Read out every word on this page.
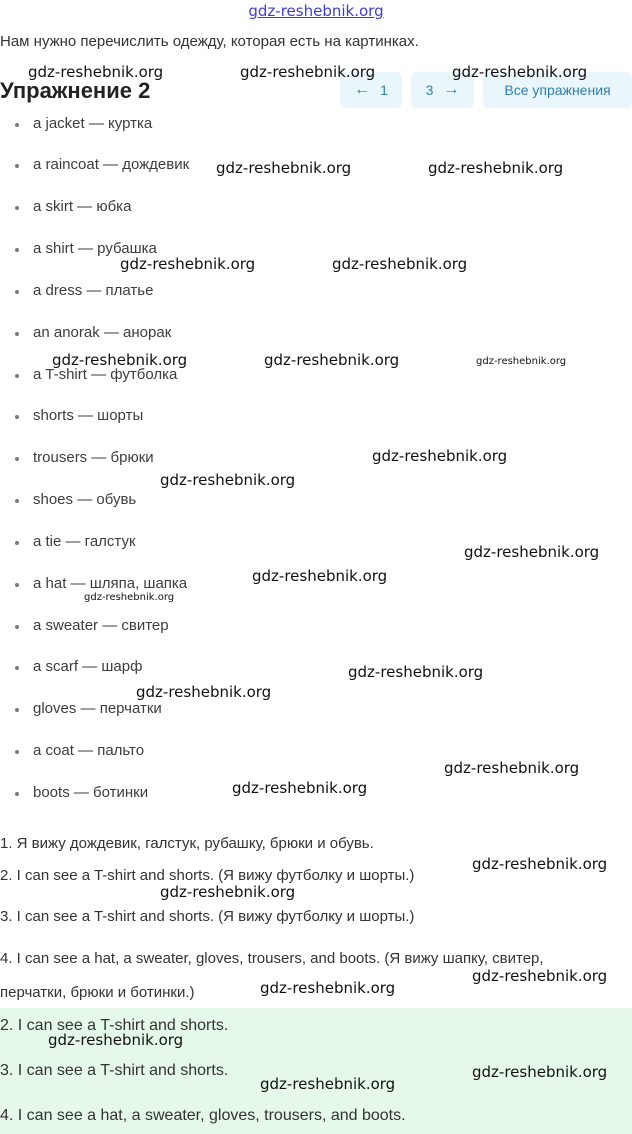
gdz-reshebnik.org
Нам нужно перечислить одежду, которая есть на картинках.
Упражнение 2	← 1	3 →	Все упражнения
a jacket — куртка
a raincoat — дождевик
a skirt — юбка
a shirt — рубашка
a dress — платье
an anorak — анорак
a T-shirt — футболка
shorts — шорты
trousers — брюки
shoes — обувь
a tie — галстук
a hat — шляпа, шапка
a sweater — свитер
a scarf — шарф
gloves — перчатки
a coat — пальто
boots — ботинки
1. Я вижу дождевик, галстук, рубашку, брюки и обувь.
2. I can see a T-shirt and shorts. (Я вижу футболку и шорты.)
3. I can see a T-shirt and shorts. (Я вижу футболку и шорты.)
4. I can see a hat, a sweater, gloves, trousers, and boots. (Я вижу шапку, свитер,
перчатки, брюки и ботинки.)
2. I can see a T-shirt and shorts.
3. I can see a T-shirt and shorts.
4. I can see a hat, a sweater, gloves, trousers, and boots.
gdz-reshebnik.org	gdz-reshebnik.org	gdz-reshebnik.org
gdz-reshebnik.org	gdz-reshebnik.org
gdz-reshebnik.org	gdz-reshebnik.org
gdz-reshebnik.org	gdz-reshebnik.org	gdz-reshebnik.org
gdz-reshebnik.org
gdz-reshebnik.org
gdz-reshebnik.org
gdz-reshebnik.org
gdz-reshebnik.org
gdz-reshebnik.org
gdz-reshebnik.org
gdz-reshebnik.org
gdz-reshebnik.org
gdz-reshebnik.org
gdz-reshebnik.org
gdz-reshebnik.org
gdz-reshebnik.org
gdz-reshebnik.org
gdz-reshebnik.org
gdz-reshebnik.org
